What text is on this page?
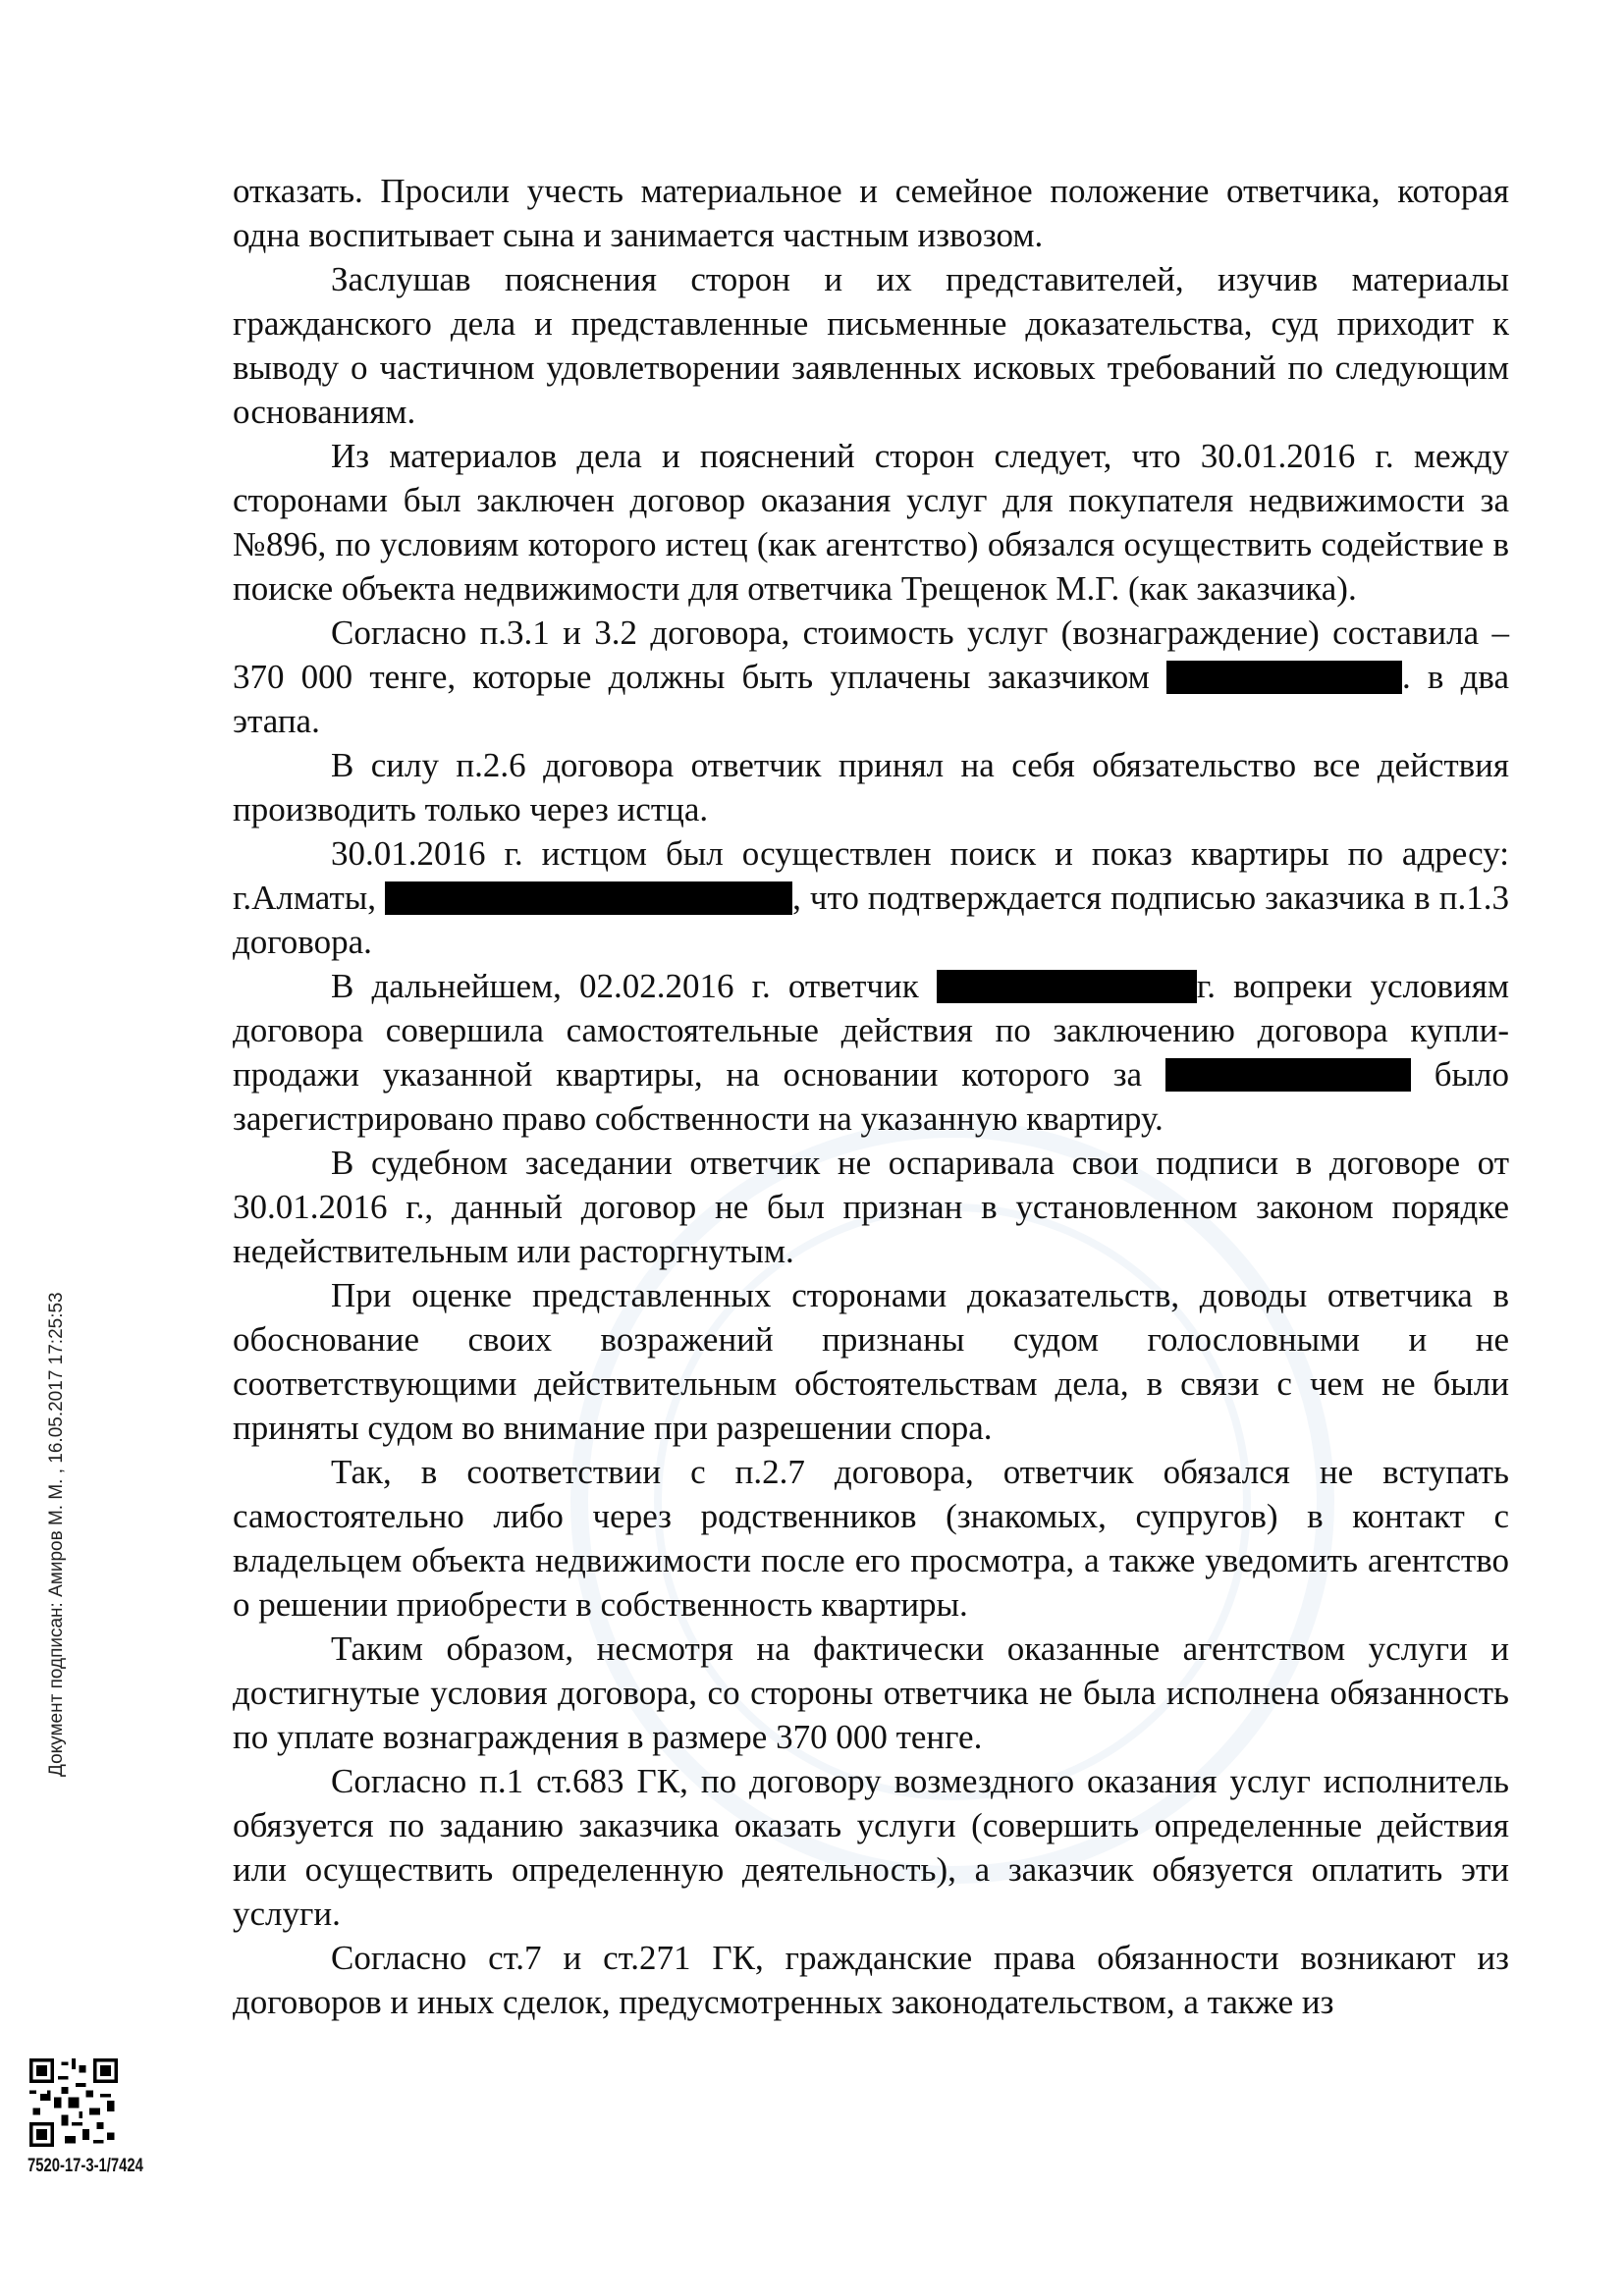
отказать. Просили учесть материальное и семейное положение ответчика, которая одна воспитывает сына и занимается частным извозом.

Заслушав пояснения сторон и их представителей, изучив материалы гражданского дела и представленные письменные доказательства, суд приходит к выводу о частичном удовлетворении заявленных исковых требований по следующим основаниям.

Из материалов дела и пояснений сторон следует, что 30.01.2016 г. между сторонами был заключен договор оказания услуг для покупателя недвижимости за №896, по условиям которого истец (как агентство) обязался осуществить содействие в поиске объекта недвижимости для ответчика Трещенок М.Г. (как заказчика).

Согласно п.3.1 и 3.2 договора, стоимость услуг (вознаграждение) составила – 370 000 тенге, которые должны быть уплачены заказчиком	. в два этапа.

В силу п.2.6 договора ответчик принял на себя обязательство все действия производить только через истца.

30.01.2016 г. истцом был осуществлен поиск и показ квартиры по адресу: г.Алматы,	, что подтверждается подписью заказчика в п.1.3 договора.

В дальнейшем, 02.02.2016 г. ответчик	г. вопреки условиям договора совершила самостоятельные действия по заключению договора купли-продажи указанной квартиры, на основании которого за	было зарегистрировано право собственности на указанную квартиру.

В судебном заседании ответчик не оспаривала свои подписи в договоре от 30.01.2016 г., данный договор не был признан в установленном законом порядке недействительным или расторгнутым.

При оценке представленных сторонами доказательств, доводы ответчика в обоснование своих возражений признаны судом голословными и не соответствующими действительным обстоятельствам дела, в связи с чем не были приняты судом во внимание при разрешении спора.

Так, в соответствии с п.2.7 договора, ответчик обязался не вступать самостоятельно либо через родственников (знакомых, супругов) в контакт с владельцем объекта недвижимости после его просмотра, а также уведомить агентство о решении приобрести в собственность квартиры.

Таким образом, несмотря на фактически оказанные агентством услуги и достигнутые условия договора, со стороны ответчика не была исполнена обязанность по уплате вознаграждения в размере 370 000 тенге.

Согласно п.1 ст.683 ГК, по договору возмездного оказания услуг исполнитель обязуется по заданию заказчика оказать услуги (совершить определенные действия или осуществить определенную деятельность), а заказчик обязуется оплатить эти услуги.

Согласно ст.7 и ст.271 ГК, гражданские права обязанности возникают из договоров и иных сделок, предусмотренных законодательством, а также из

Документ подписан: Амиров М. М. , 16.05.2017 17:25:53
7520-17-3-1/7424
